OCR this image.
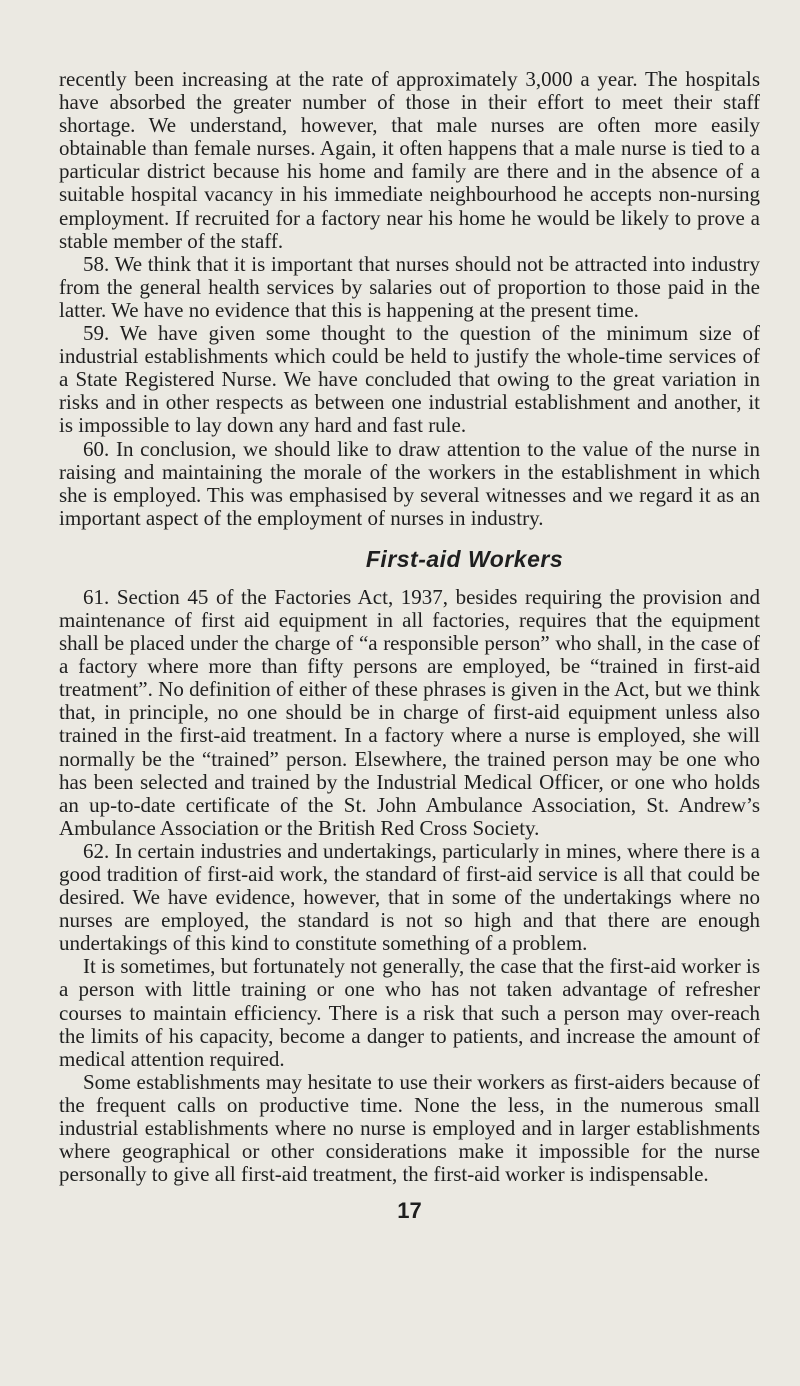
recently been increasing at the rate of approximately 3,000 a year. The hospitals have absorbed the greater number of those in their effort to meet their staff shortage. We understand, however, that male nurses are often more easily obtainable than female nurses. Again, it often happens that a male nurse is tied to a particular district because his home and family are there and in the absence of a suitable hospital vacancy in his immediate neighbourhood he accepts non-nursing employment. If recruited for a factory near his home he would be likely to prove a stable member of the staff.

58. We think that it is important that nurses should not be attracted into industry from the general health services by salaries out of proportion to those paid in the latter. We have no evidence that this is happening at the present time.

59. We have given some thought to the question of the minimum size of industrial establishments which could be held to justify the whole-time services of a State Registered Nurse. We have concluded that owing to the great variation in risks and in other respects as between one industrial establishment and another, it is impossible to lay down any hard and fast rule.

60. In conclusion, we should like to draw attention to the value of the nurse in raising and maintaining the morale of the workers in the establishment in which she is employed. This was emphasised by several witnesses and we regard it as an important aspect of the employment of nurses in industry.

First-aid Workers

61. Section 45 of the Factories Act, 1937, besides requiring the provision and maintenance of first aid equipment in all factories, requires that the equipment shall be placed under the charge of “a responsible person” who shall, in the case of a factory where more than fifty persons are employed, be “trained in first-aid treatment”. No definition of either of these phrases is given in the Act, but we think that, in principle, no one should be in charge of first-aid equipment unless also trained in the first-aid treatment. In a factory where a nurse is employed, she will normally be the “trained” person. Elsewhere, the trained person may be one who has been selected and trained by the Industrial Medical Officer, or one who holds an up-to-date certificate of the St. John Ambulance Association, St. Andrew’s Ambulance Association or the British Red Cross Society.

62. In certain industries and undertakings, particularly in mines, where there is a good tradition of first-aid work, the standard of first-aid service is all that could be desired. We have evidence, however, that in some of the undertakings where no nurses are employed, the standard is not so high and that there are enough undertakings of this kind to constitute something of a problem.

It is sometimes, but fortunately not generally, the case that the first-aid worker is a person with little training or one who has not taken advantage of refresher courses to maintain efficiency. There is a risk that such a person may over-reach the limits of his capacity, become a danger to patients, and increase the amount of medical attention required.

Some establishments may hesitate to use their workers as first-aiders because of the frequent calls on productive time. None the less, in the numerous small industrial establishments where no nurse is employed and in larger establishments where geographical or other considerations make it impossible for the nurse personally to give all first-aid treatment, the first-aid worker is indispensable.

17
